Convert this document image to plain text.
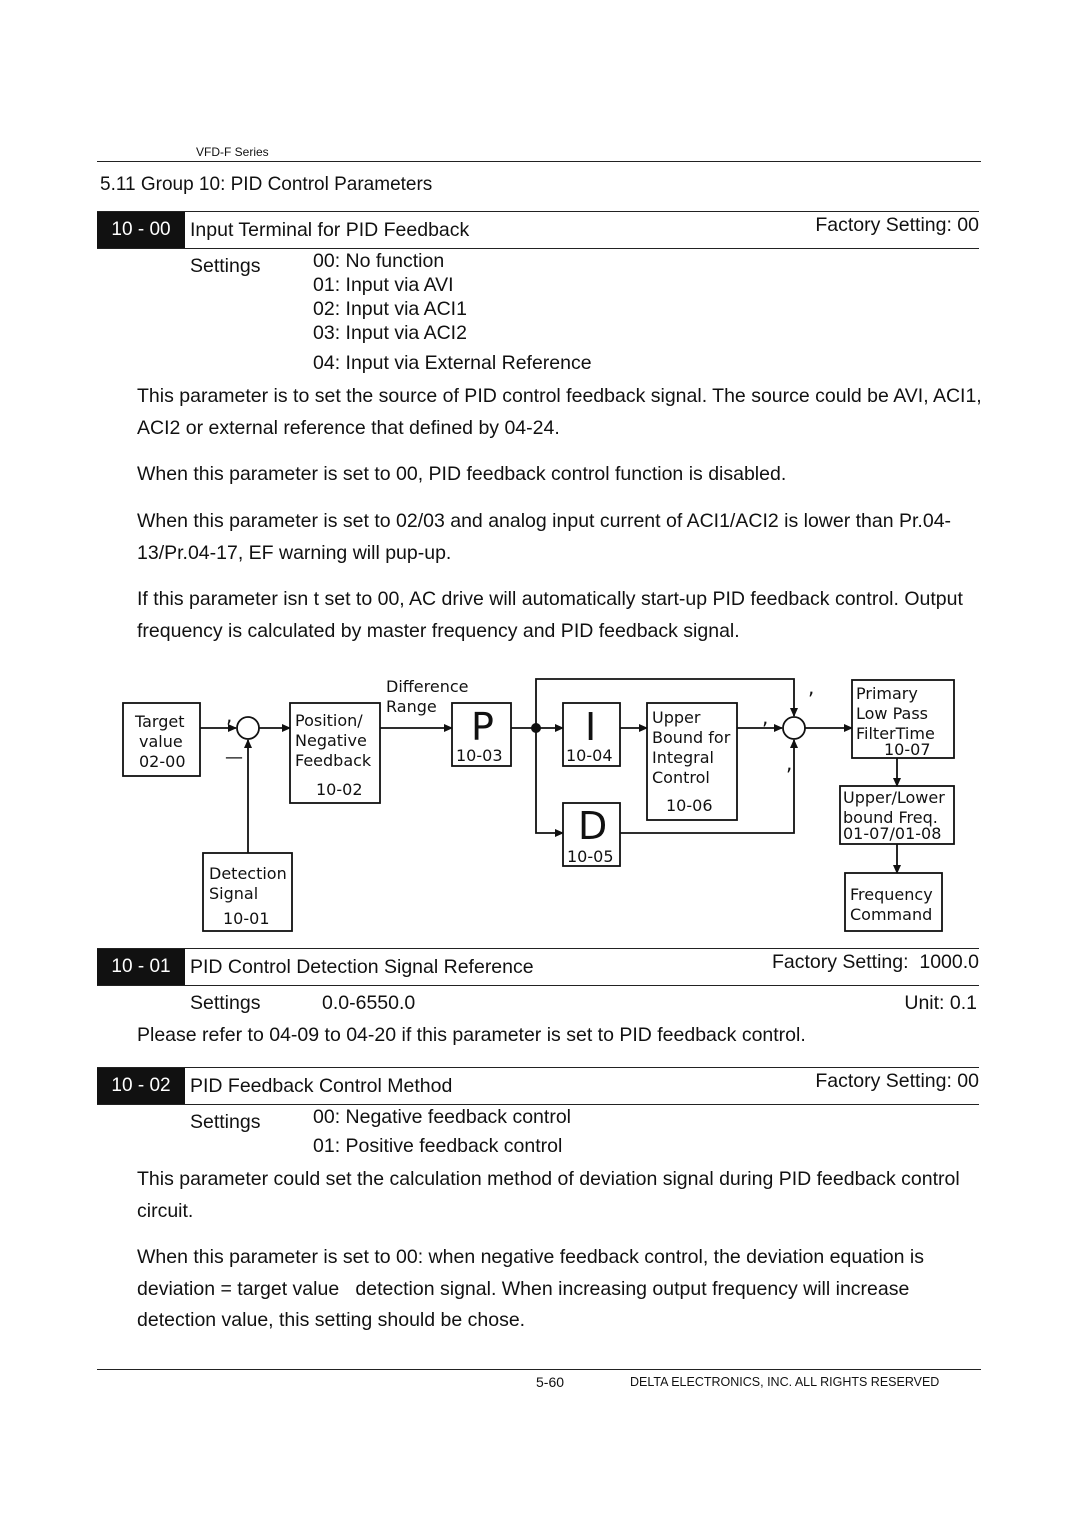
VFD-F Series
5.11 Group 10: PID Control Parameters
10 - 00 Input Terminal for PID Feedback	Factory Setting: 00
Settings	00: No function
01: Input via AVI
02: Input via ACI1
03: Input via ACI2
04: Input via External Reference
This parameter is to set the source of PID control feedback signal. The source could be AVI, ACI1, ACI2 or external reference that defined by 04-24.
When this parameter is set to 00, PID feedback control function is disabled.
When this parameter is set to 02/03 and analog input current of ACI1/ACI2 is lower than Pr.04-13/Pr.04-17, EF warning will pup-up.
If this parameter isn t set to 00, AC drive will automatically start-up PID feedback control. Output frequency is calculated by master frequency and PID feedback signal.
Target
value
02-00
Position/
Negative
Feedback
10-02
Difference
Range P
10-03
I
10-04
D
10-05
Upper
Bound for
Integral
Control
10-06
Primary
Low Pass
FilterTime
10-07
Upper/Lower
bound Freq.
01-07/01-08
Frequency
Command
Detection
Signal
10-01
,
—
,
,
,
10 - 01 PID Control Detection Signal Reference	Factory Setting:  1000.0
Settings	0.0-6550.0	Unit: 0.1
Please refer to 04-09 to 04-20 if this parameter is set to PID feedback control.
10 - 02 PID Feedback Control Method	Factory Setting: 00
Settings	00: Negative feedback control
01: Positive feedback control
This parameter could set the calculation method of deviation signal during PID feedback control circuit.
When this parameter is set to 00: when negative feedback control, the deviation equation is deviation = target value   detection signal. When increasing output frequency will increase detection value, this setting should be chose.
5-60	DELTA ELECTRONICS, INC. ALL RIGHTS RESERVED
